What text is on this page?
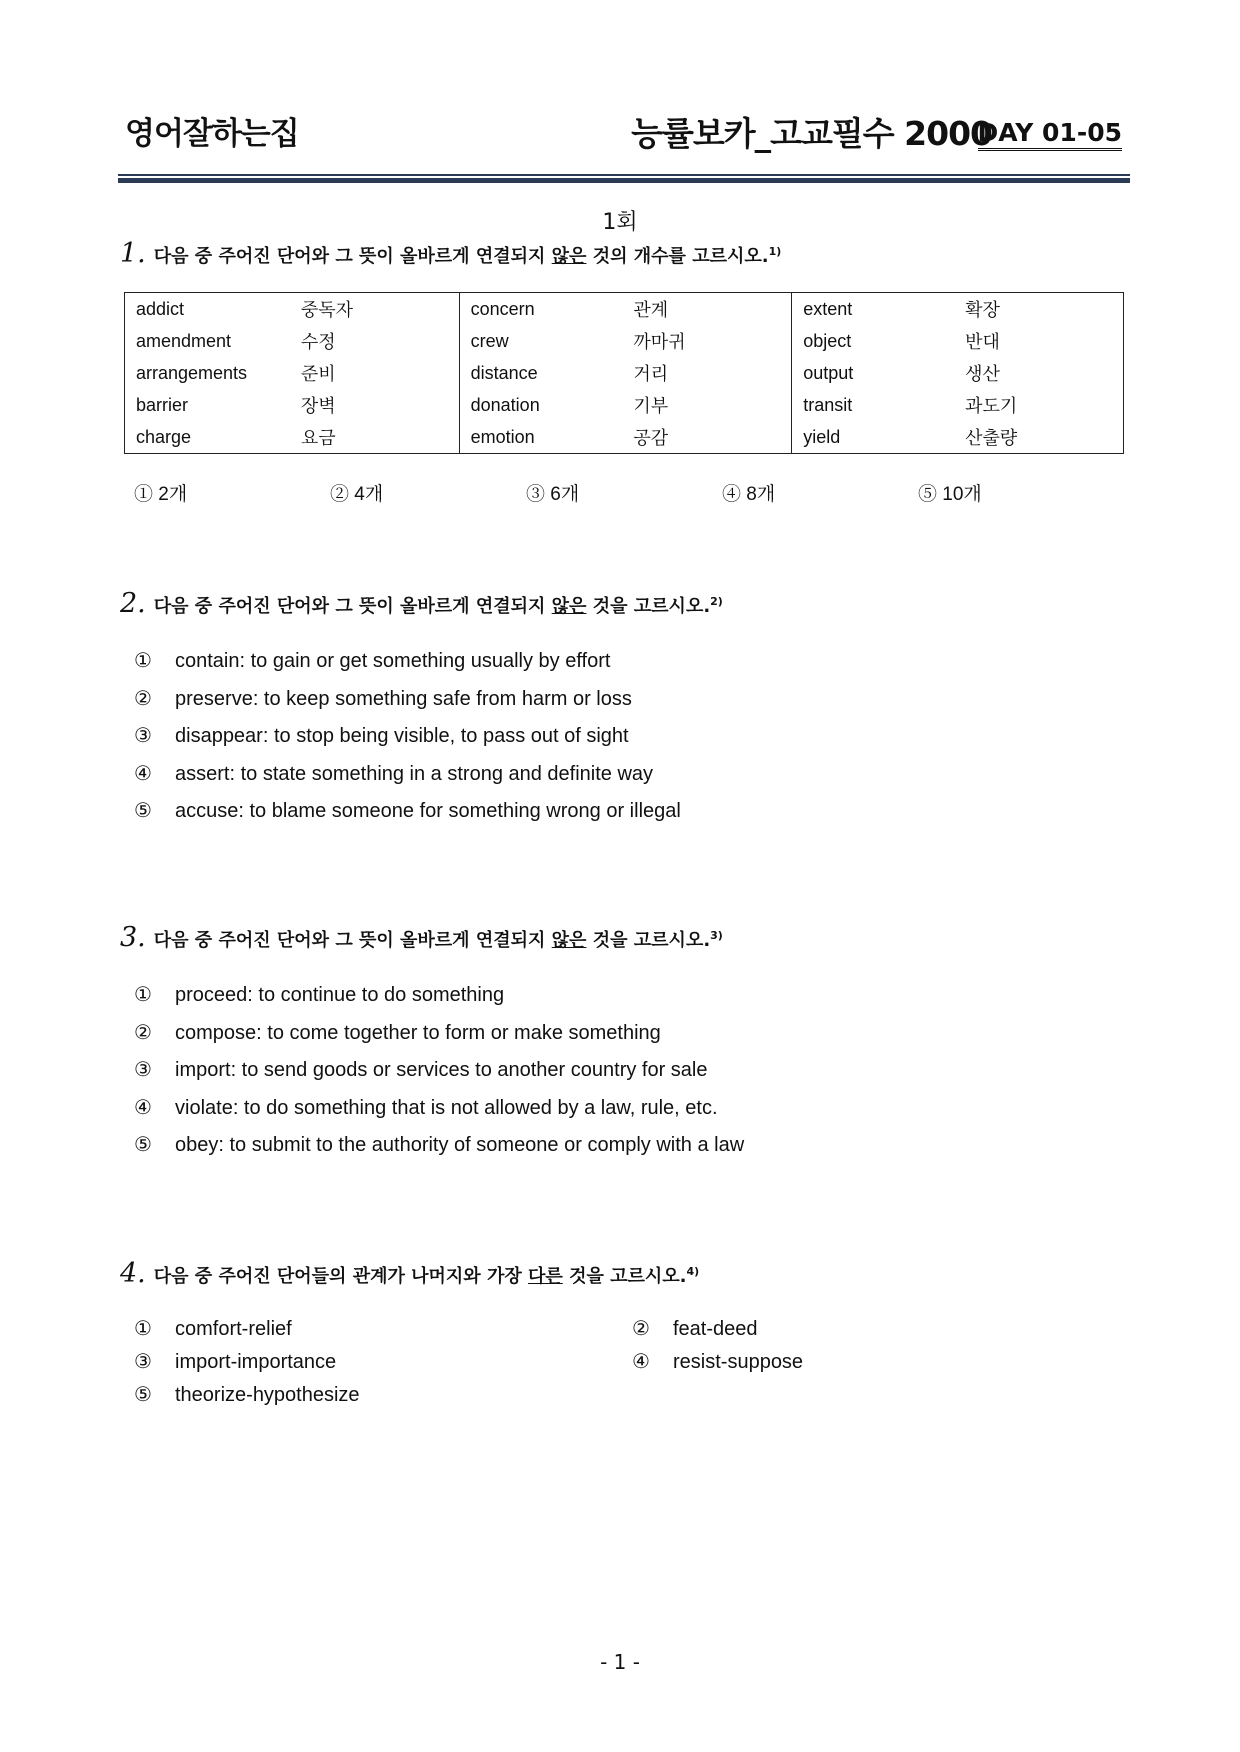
영어잘하는집	능률보카_고교필수 2000
DAY 01-05
1회
1. 다음 중 주어진 단어와 그 뜻이 올바르게 연결되지 않은 것의 개수를 고르시오.$^{1)}$
addict	중독자	concern	관계	extent	확장
amendment	수정	crew	까마귀	object	반대
arrangements	준비	distance	거리	output	생산
barrier	장벽	donation	기부	transit	과도기
charge	요금	emotion	공감	yield	산출량
① 2개	② 4개	③ 6개	④ 8개	⑤ 10개
2. 다음 중 주어진 단어와 그 뜻이 올바르게 연결되지 않은 것을 고르시오.$^{2)}$
① contain: to gain or get something usually by effort
② preserve: to keep something safe from harm or loss
③ disappear: to stop being visible, to pass out of sight
④ assert: to state something in a strong and definite way
⑤ accuse: to blame someone for something wrong or illegal
3. 다음 중 주어진 단어와 그 뜻이 올바르게 연결되지 않은 것을 고르시오.$^{3)}$
① proceed: to continue to do something
② compose: to come together to form or make something
③ import: to send goods or services to another country for sale
④ violate: to do something that is not allowed by a law, rule, etc.
⑤ obey: to submit to the authority of someone or comply with a law
4. 다음 중 주어진 단어들의 관계가 나머지와 가장 다른 것을 고르시오.$^{4)}$
① comfort-relief	② feat-deed
③ import-importance	④ resist-suppose
⑤ theorize-hypothesize
- 1 -
